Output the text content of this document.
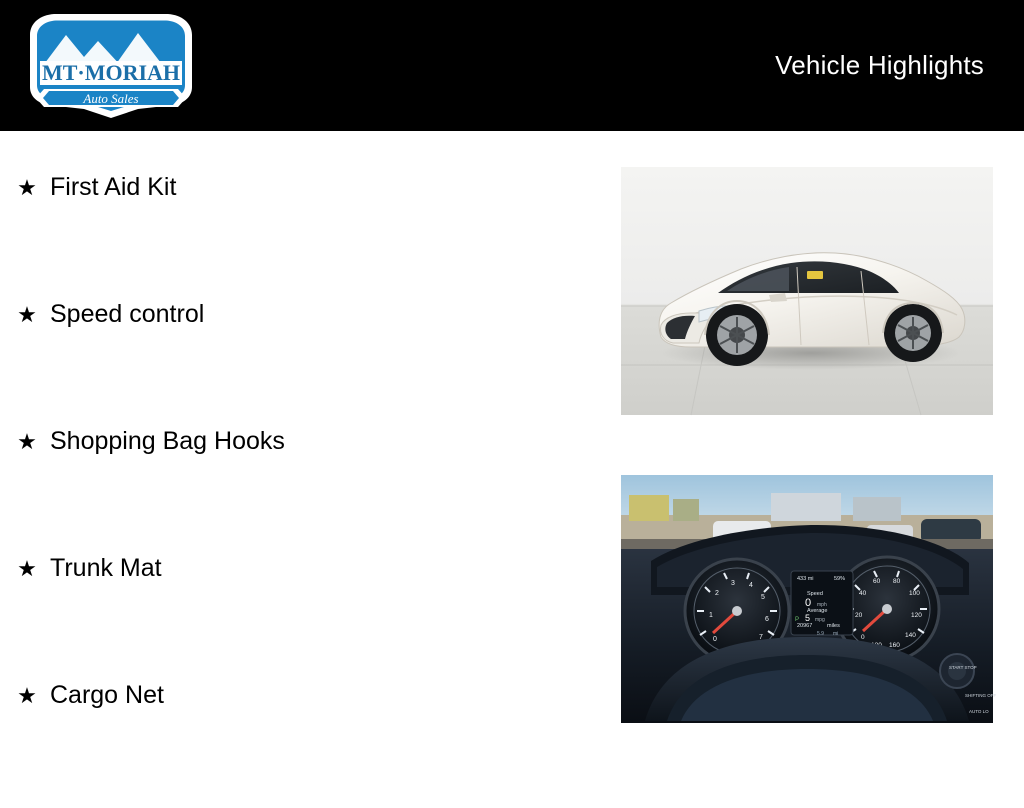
MT·MORIAH
Auto Sales
Vehicle Highlights
★ First Aid Kit
★ Speed control
★ Shopping Bag Hooks
★ Trunk Mat
★ Cargo Net
0
1
2
3 4
5
6
7	0
20
40
60 80
100
120
140
160
433 mi	59%
Speed
Average
20967	miles
0 mph
5 mpg
P
START STOP
SHIFTING OFF
AUTO LO
5.9 mi
